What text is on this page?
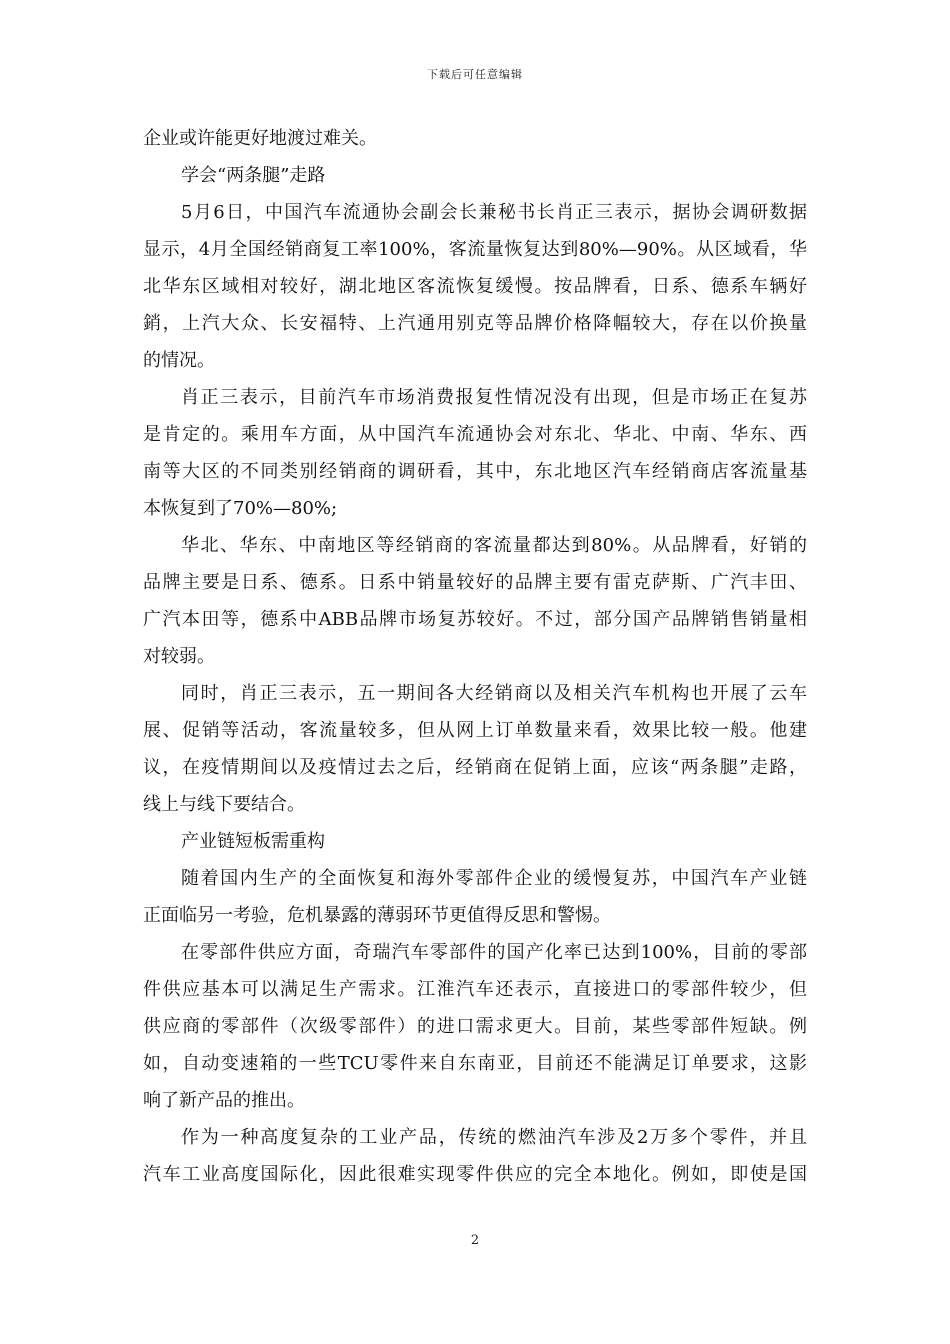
下载后可任意编辑
企业或许能更好地渡过难关。
学会“两条腿”走路
5月6日，中国汽车流通协会副会长兼秘书长肖正三表示，据协会调研数据
显示，4月全国经销商复工率100%，客流量恢复达到80%—90%。从区域看，华
北华东区域相对较好，湖北地区客流恢复缓慢。按品牌看，日系、德系车辆好
銷，上汽大众、长安福特、上汽通用别克等品牌价格降幅较大，存在以价换量
的情况。
肖正三表示，目前汽车市场消费报复性情况没有出现，但是市场正在复苏
是肯定的。乘用车方面，从中国汽车流通协会对东北、华北、中南、华东、西
南等大区的不同类别经销商的调研看，其中，东北地区汽车经销商店客流量基
本恢复到了70%—80%;
华北、华东、中南地区等经销商的客流量都达到80%。从品牌看，好销的
品牌主要是日系、德系。日系中销量较好的品牌主要有雷克萨斯、广汽丰田、
广汽本田等，德系中ABB品牌市场复苏较好。不过，部分国产品牌销售销量相
对较弱。
同时，肖正三表示，五一期间各大经销商以及相关汽车机构也开展了云车
展、促销等活动，客流量较多，但从网上订单数量来看，效果比较一般。他建
议，在疫情期间以及疫情过去之后，经销商在促销上面，应该“两条腿”走路，
线上与线下要结合。
产业链短板需重构
随着国内生产的全面恢复和海外零部件企业的缓慢复苏，中国汽车产业链
正面临另一考验，危机暴露的薄弱环节更值得反思和警惕。
在零部件供应方面，奇瑞汽车零部件的国产化率已达到100%，目前的零部
件供应基本可以满足生产需求。江淮汽车还表示，直接进口的零部件较少，但
供应商的零部件（次级零部件）的进口需求更大。目前，某些零部件短缺。例
如，自动变速箱的一些TCU零件来自东南亚，目前还不能满足订单要求，这影
响了新产品的推出。
作为一种高度复杂的工业产品，传统的燃油汽车涉及2万多个零件，并且
汽车工业高度国际化，因此很难实现零件供应的完全本地化。例如，即使是国
2
